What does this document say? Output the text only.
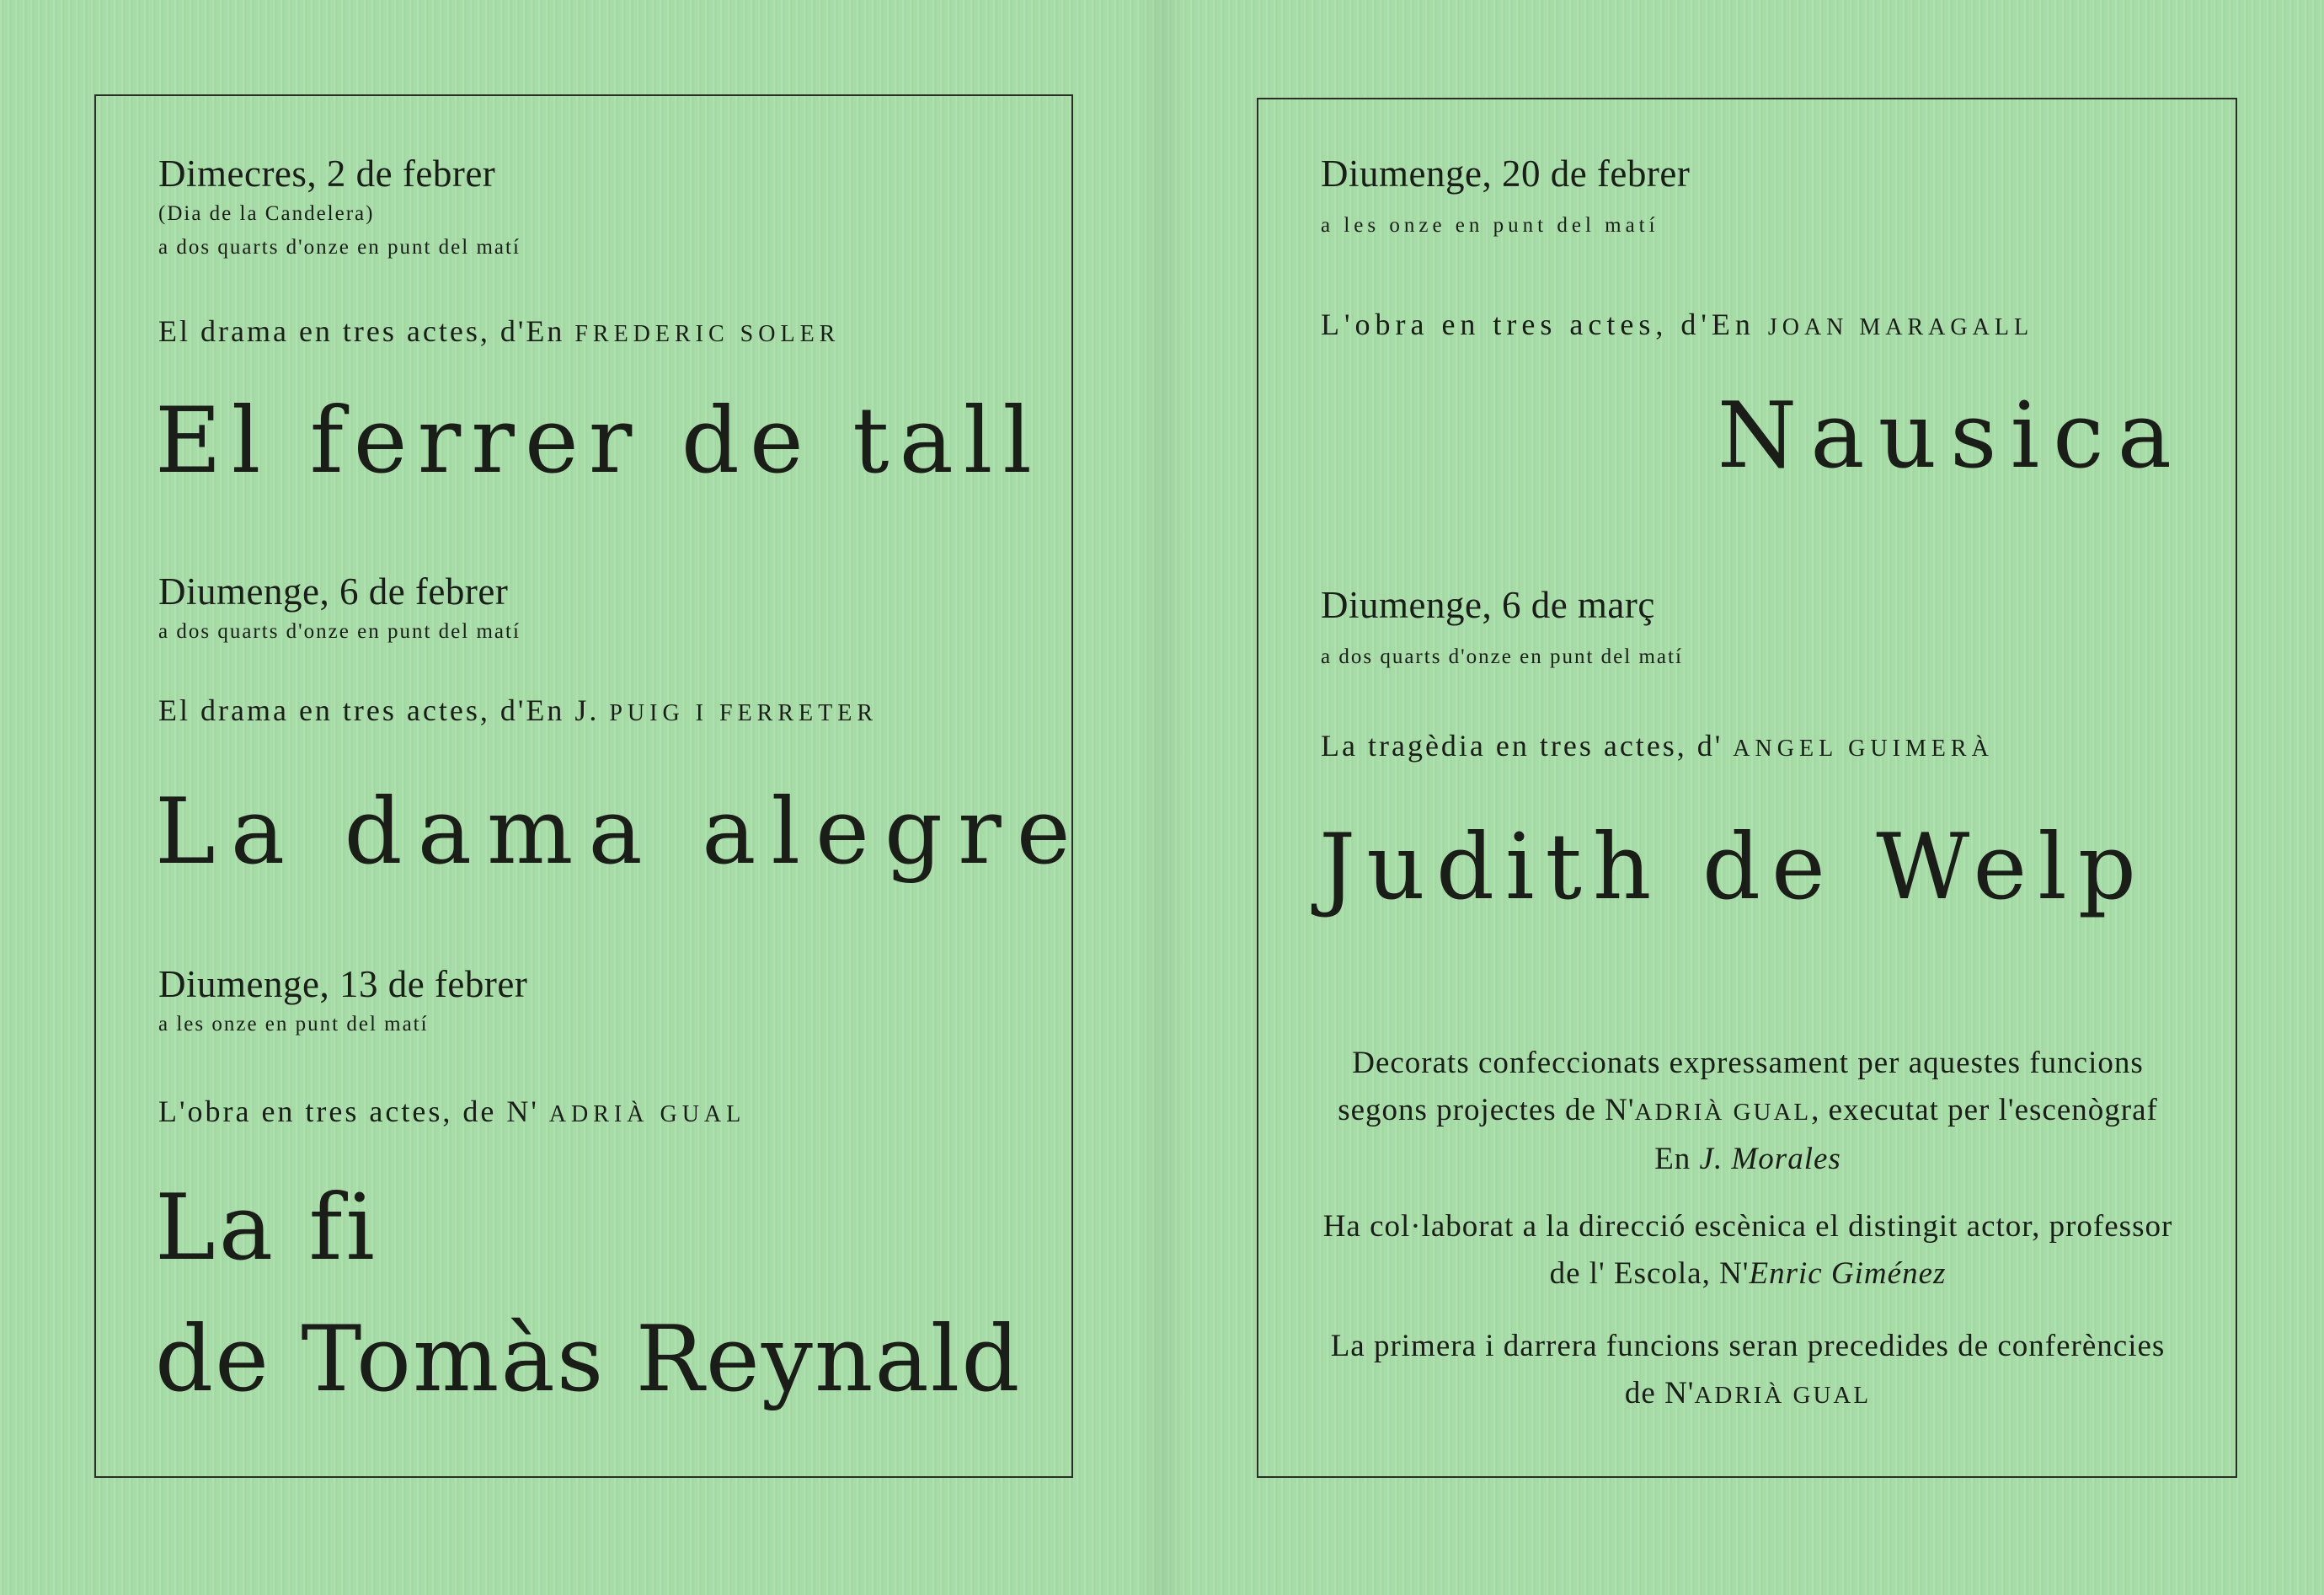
Dimecres, 2 de febrer
(Dia de la Candelera)
a dos quarts d'onze en punt del matí
El drama en tres actes, d'En FREDERIC SOLER
El ferrer de tall
Diumenge, 6 de febrer
a dos quarts d'onze en punt del matí
El drama en tres actes, d'En J. PUIG I FERRETER
La dama alegre
Diumenge, 13 de febrer
a les onze en punt del matí
L'obra en tres actes, de N' ADRIÀ GUAL
La fi
de Tomàs Reynald
Diumenge, 20 de febrer
a les onze en punt del matí
L'obra en tres actes, d'En JOAN MARAGALL
Nausica
Diumenge, 6 de març
a dos quarts d'onze en punt del matí
La tragèdia en tres actes, d' ANGEL GUIMERÀ
Judith de Welp
Decorats confeccionats expressament per aquestes funcions segons projectes de N'ADRIÀ GUAL, executat per l'escenògraf En J. Morales
Ha col·laborat a la direcció escènica el distingit actor, professor de l' Escola, N'Enric Giménez
La primera i darrera funcions seran precedides de conferències de N'ADRIÀ GUAL
